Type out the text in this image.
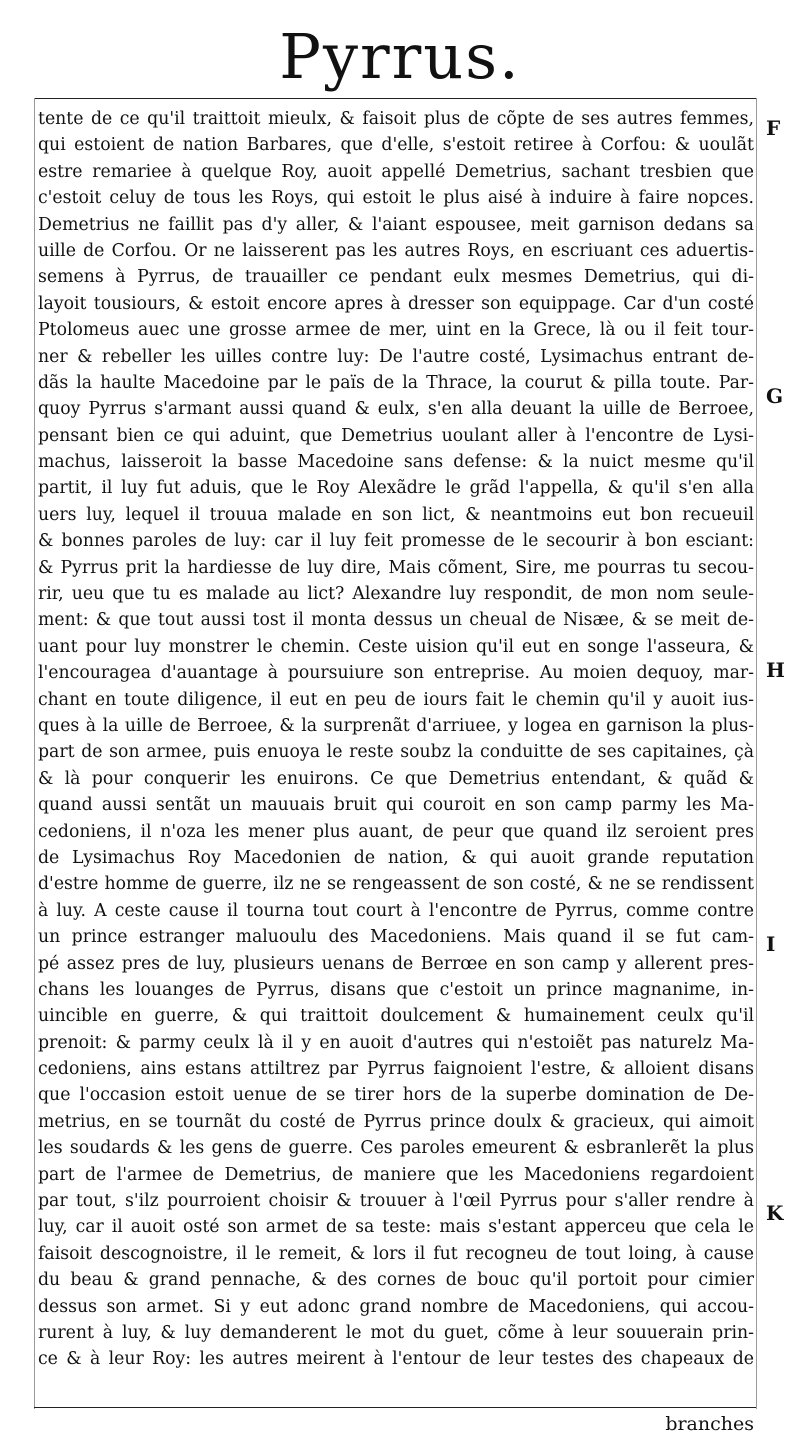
Pyrrus.
tente de ce qu'il traittoit mieulx, & faisoit plus de cõpte de ses autres femmes,
qui estoient de nation Barbares, que d'elle, s'estoit retiree à Corfou: & uoulãt
estre remariee à quelque Roy, auoit appellé Demetrius, sachant tresbien que
c'estoit celuy de tous les Roys, qui estoit le plus aisé à induire à faire nopces.
Demetrius ne faillit pas d'y aller, & l'aiant espousee, meit garnison dedans sa
uille de Corfou. Or ne laisserent pas les autres Roys, en escriuant ces aduertis-
semens à Pyrrus, de trauailler ce pendant eulx mesmes Demetrius, qui di-
layoit tousiours, & estoit encore apres à dresser son equippage. Car d'un costé
Ptolomeus auec une grosse armee de mer, uint en la Grece, là ou il feit tour-
ner & rebeller les uilles contre luy: De l'autre costé, Lysimachus entrant de-
dãs la haulte Macedoine par le païs de la Thrace, la courut & pilla toute. Par-
quoy Pyrrus s'armant aussi quand & eulx, s'en alla deuant la uille de Berroee,
pensant bien ce qui aduint, que Demetrius uoulant aller à l'encontre de Lysi-
machus, laisseroit la basse Macedoine sans defense: & la nuict mesme qu'il
partit, il luy fut aduis, que le Roy Alexãdre le grãd l'appella, & qu'il s'en alla
uers luy, lequel il trouua malade en son lict, & neantmoins eut bon recueuil
& bonnes paroles de luy: car il luy feit promesse de le secourir à bon esciant:
& Pyrrus prit la hardiesse de luy dire, Mais cõment, Sire, me pourras tu secou-
rir, ueu que tu es malade au lict? Alexandre luy respondit, de mon nom seule-
ment: & que tout aussi tost il monta dessus un cheual de Nisæe, & se meit de-
uant pour luy monstrer le chemin. Ceste uision qu'il eut en songe l'asseura, &
l'encouragea d'auantage à poursuiure son entreprise. Au moien dequoy, mar-
chant en toute diligence, il eut en peu de iours fait le chemin qu'il y auoit ius-
ques à la uille de Berroee, & la surprenãt d'arriuee, y logea en garnison la plus-
part de son armee, puis enuoya le reste soubz la conduitte de ses capitaines, çà
& là pour conquerir les enuirons. Ce que Demetrius entendant, & quãd &
quand aussi sentãt un mauuais bruit qui couroit en son camp parmy les Ma-
cedoniens, il n'oza les mener plus auant, de peur que quand ilz seroient pres
de Lysimachus Roy Macedonien de nation, & qui auoit grande reputation
d'estre homme de guerre, ilz ne se rengeassent de son costé, & ne se rendissent
à luy. A ceste cause il tourna tout court à l'encontre de Pyrrus, comme contre
un prince estranger maluoulu des Macedoniens. Mais quand il se fut cam-
pé assez pres de luy, plusieurs uenans de Berrœe en son camp y allerent pres-
chans les louanges de Pyrrus, disans que c'estoit un prince magnanime, in-
uincible en guerre, & qui traittoit doulcement & humainement ceulx qu'il
prenoit: & parmy ceulx là il y en auoit d'autres qui n'estoiẽt pas naturelz Ma-
cedoniens, ains estans attiltrez par Pyrrus faignoient l'estre, & alloient disans
que l'occasion estoit uenue de se tirer hors de la superbe domination de De-
metrius, en se tournãt du costé de Pyrrus prince doulx & gracieux, qui aimoit
les soudards & les gens de guerre. Ces paroles emeurent & esbranlerẽt la plus
part de l'armee de Demetrius, de maniere que les Macedoniens regardoient
par tout, s'ilz pourroient choisir & trouuer à l'œil Pyrrus pour s'aller rendre à
luy, car il auoit osté son armet de sa teste: mais s'estant apperceu que cela le
faisoit descognoistre, il le remeit, & lors il fut recogneu de tout loing, à cause
du beau & grand pennache, & des cornes de bouc qu'il portoit pour cimier
dessus son armet. Si y eut adonc grand nombre de Macedoniens, qui accou-
rurent à luy, & luy demanderent le mot du guet, cõme à leur souuerain prin-
ce & à leur Roy: les autres meirent à l'entour de leur testes des chapeaux de
F
G
H
I
K
branches
